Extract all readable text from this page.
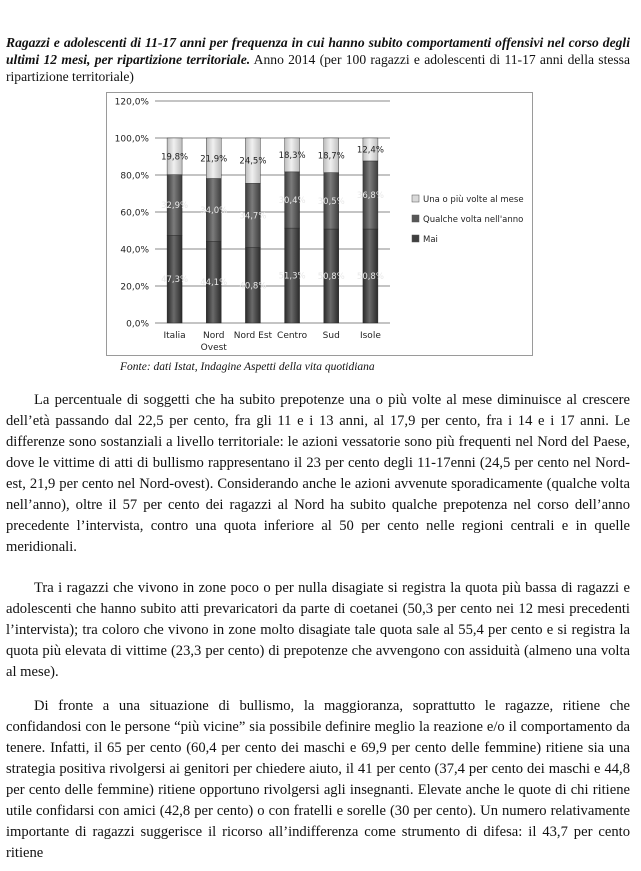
Ragazzi e adolescenti di 11-17 anni per frequenza in cui hanno subito comportamenti offensivi nel corso degli ultimi 12 mesi, per ripartizione territoriale. Anno 2014 (per 100 ragazzi e adolescenti di 11-17 anni della stessa ripartizione territoriale)
47,3%
32,9%
19,8%
44,1%
34,0%
21,9%
40,8%
34,7%
24,5%
51,3%
30,4%
18,3%
50,8%
30,5%
18,7%
50,8%
36,8%
12,4%
0,0%
20,0%
40,0%
60,0%
80,0%
100,0%
120,0%
Italia Nord
Ovest
Nord Est Centro Sud Isole
Una o più volte al mese
Qualche volta nell'anno
Mai
Fonte: dati Istat, Indagine Aspetti della vita quotidiana

La percentuale di soggetti che ha subito prepotenze una o più volte al mese diminuisce al crescere dell’età passando dal 22,5 per cento, fra gli 11 e i 13 anni, al 17,9 per cento, fra i 14 e i 17 anni. Le differenze sono sostanziali a livello territoriale: le azioni vessatorie sono più frequenti nel Nord del Paese, dove le vittime di atti di bullismo rappresentano il 23 per cento degli 11-17enni (24,5 per cento nel Nord-est, 21,9 per cento nel Nord-ovest). Considerando anche le azioni avvenute sporadicamente (qualche volta nell’anno), oltre il 57 per cento dei ragazzi al Nord ha subito qualche prepotenza nel corso dell’anno precedente l’intervista, contro una quota inferiore al 50 per cento nelle regioni centrali e in quelle meridionali.

Tra i ragazzi che vivono in zone poco o per nulla disagiate si registra la quota più bassa di ragazzi e adolescenti che hanno subito atti prevaricatori da parte di coetanei (50,3 per cento nei 12 mesi precedenti l’intervista); tra coloro che vivono in zone molto disagiate tale quota sale al 55,4 per cento e si registra la quota più elevata di vittime (23,3 per cento) di prepotenze che avvengono con assiduità (almeno una volta al mese).

Di fronte a una situazione di bullismo, la maggioranza, soprattutto le ragazze, ritiene che confidandosi con le persone “più vicine” sia possibile definire meglio la reazione e/o il comportamento da tenere. Infatti, il 65 per cento (60,4 per cento dei maschi e 69,9 per cento delle femmine) ritiene sia una strategia positiva rivolgersi ai genitori per chiedere aiuto, il 41 per cento (37,4 per cento dei maschi e 44,8 per cento delle femmine) ritiene opportuno rivolgersi agli insegnanti. Elevate anche le quote di chi ritiene utile confidarsi con amici (42,8 per cento) o con fratelli e sorelle (30 per cento). Un numero relativamente importante di ragazzi suggerisce il ricorso all’indifferenza come strumento di difesa: il 43,7 per cento ritiene
